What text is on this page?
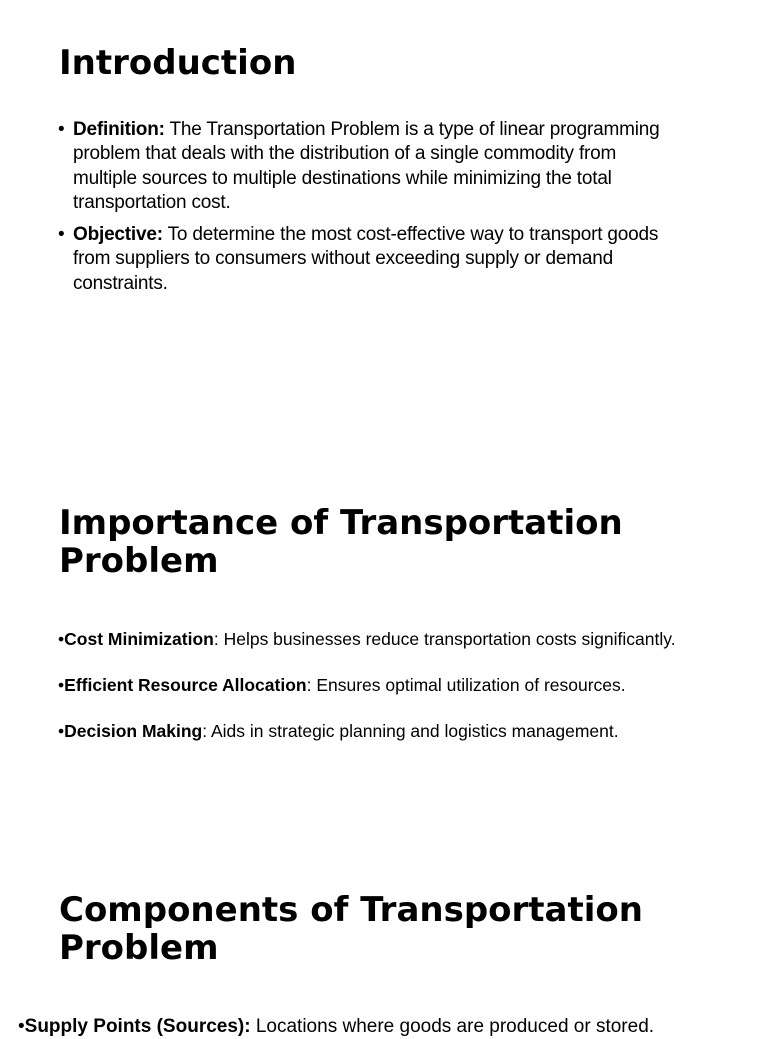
Introduction
• Definition: The Transportation Problem is a type of linear programming problem that deals with the distribution of a single commodity from multiple sources to multiple destinations while minimizing the total transportation cost.
• Objective: To determine the most cost-effective way to transport goods from suppliers to consumers without exceeding supply or demand constraints.
Importance of Transportation
Problem
•Cost Minimization: Helps businesses reduce transportation costs significantly.
•Efficient Resource Allocation: Ensures optimal utilization of resources.
•Decision Making: Aids in strategic planning and logistics management.
Components of Transportation
Problem
•Supply Points (Sources): Locations where goods are produced or stored.
